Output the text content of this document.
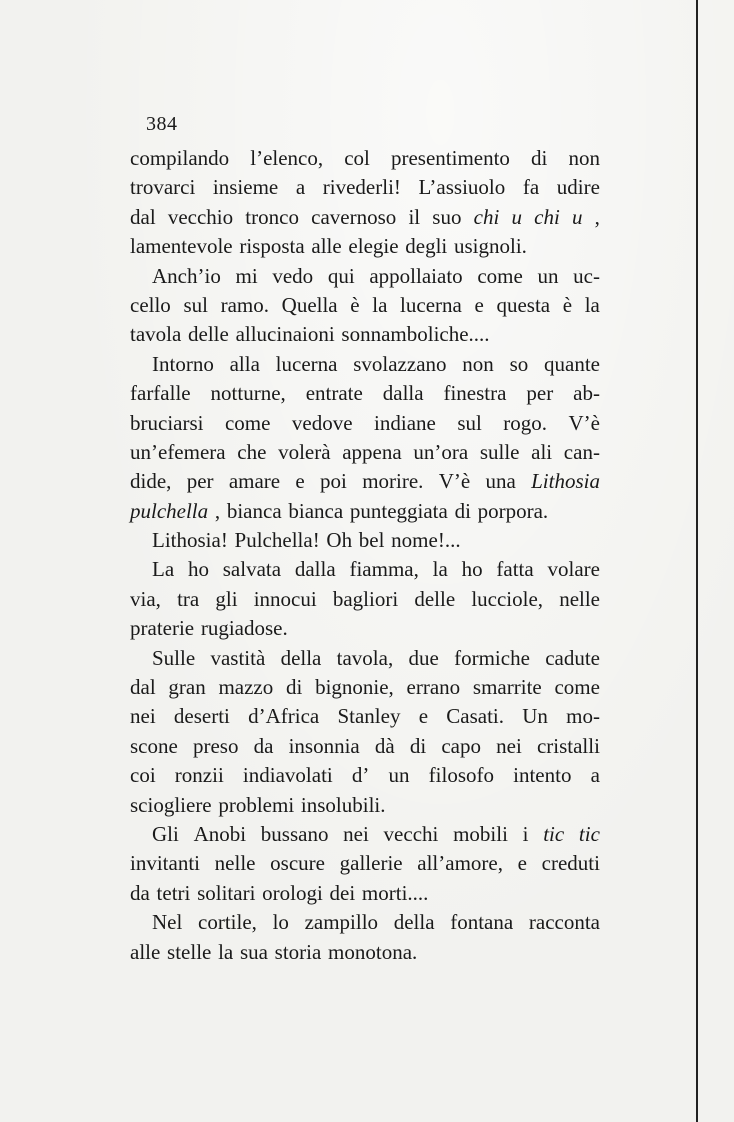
384
compilando l’elenco, col presentimento di non
trovarci insieme a rivederli! L’assiuolo fa udire
dal vecchio tronco cavernoso il suo chi u chi u ,
lamentevole risposta alle elegie degli usignoli.
Anch’io mi vedo qui appollaiato come un uc-
cello sul ramo. Quella è la lucerna e questa è la
tavola delle allucinaioni sonnamboliche....
Intorno alla lucerna svolazzano non so quante
farfalle notturne, entrate dalla finestra per ab-
bruciarsi come vedove indiane sul rogo. V’è
un’efemera che volerà appena un’ora sulle ali can-
dide, per amare e poi morire. V’è una Lithosia
pulchella , bianca bianca punteggiata di porpora.
Lithosia! Pulchella! Oh bel nome!...
La ho salvata dalla fiamma, la ho fatta volare
via, tra gli innocui bagliori delle lucciole, nelle
praterie rugiadose.
Sulle vastità della tavola, due formiche cadute
dal gran mazzo di bignonie, errano smarrite come
nei deserti d’Africa Stanley e Casati. Un mo-
scone preso da insonnia dà di capo nei cristalli
coi ronzii indiavolati d’ un filosofo intento a
sciogliere problemi insolubili.
Gli Anobi bussano nei vecchi mobili i tic tic
invitanti nelle oscure gallerie all’amore, e creduti
da tetri solitari orologi dei morti....
Nel cortile, lo zampillo della fontana racconta
alle stelle la sua storia monotona.
